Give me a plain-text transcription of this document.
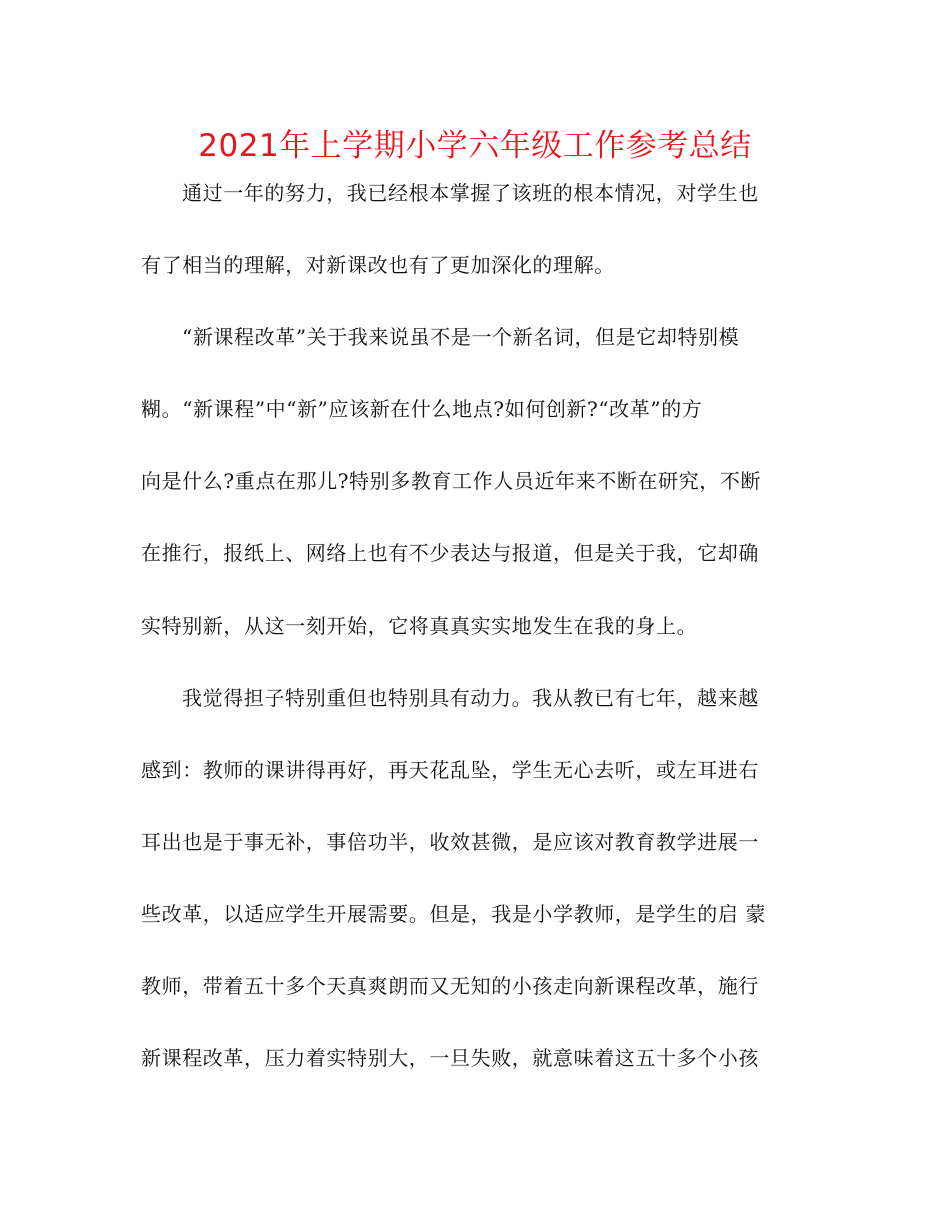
2021年上学期小学六年级工作参考总结
通过一年的努力，我已经根本掌握了该班的根本情况，对学生也
有了相当的理解，对新课改也有了更加深化的理解。
“新课程改革”关于我来说虽不是一个新名词，但是它却特别模
糊。“新课程”中“新”应该新在什么地点?如何创新?“改革”的方
向是什么?重点在那儿?特别多教育工作人员近年来不断在研究，不断
在推行，报纸上、网络上也有不少表达与报道，但是关于我，它却确
实特别新，从这一刻开始，它将真真实实地发生在我的身上。
我觉得担子特别重但也特别具有动力。我从教已有七年，越来越
感到：教师的课讲得再好，再天花乱坠，学生无心去听，或左耳进右
耳出也是于事无补，事倍功半，收效甚微，是应该对教育教学进展一
些改革，以适应学生开展需要。但是，我是小学教师，是学生的启 蒙
教师，带着五十多个天真爽朗而又无知的小孩走向新课程改革，施行
新课程改革，压力着实特别大，一旦失败，就意味着这五十多个小孩
